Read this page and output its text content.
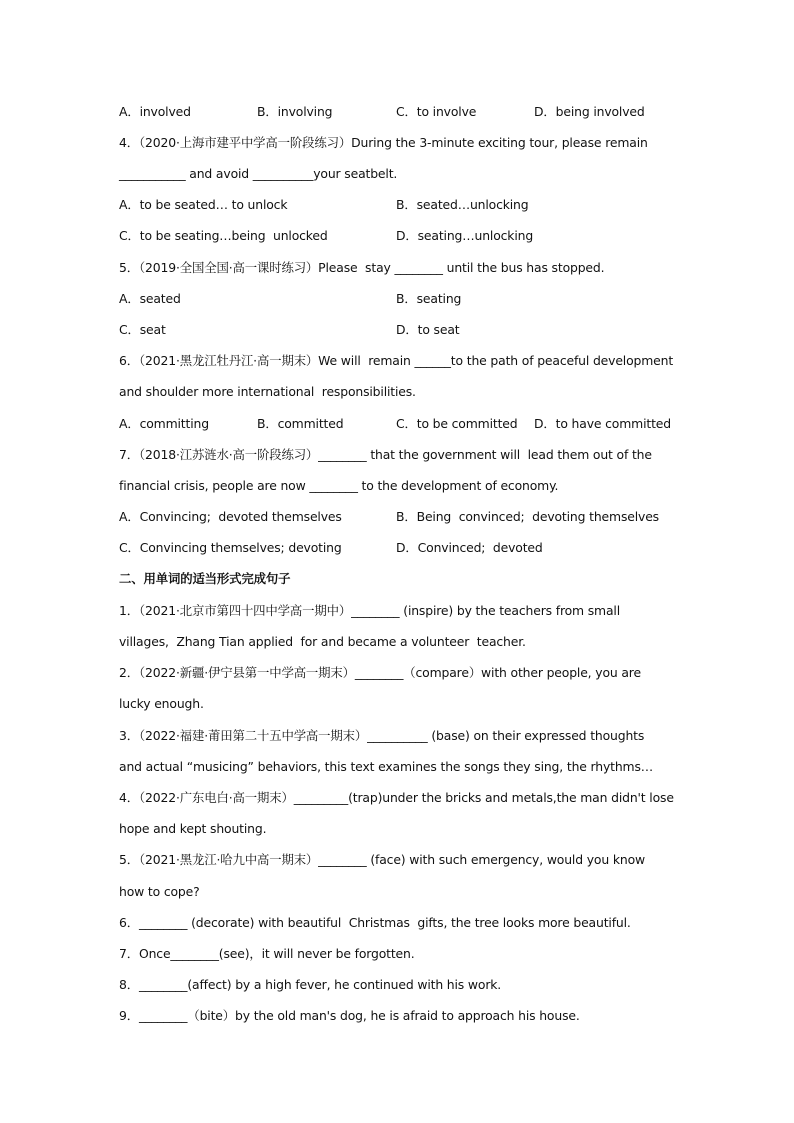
A．involved	B．involving	C．to involve	D．being involved
4．（2020·上海市建平中学高一阶段练习）During the 3-minute exciting tour, please remain
___________ and avoid __________your seatbelt.
A．to be seated… to unlock	B．seated…unlocking
C．to be seating…being  unlocked	D．seating…unlocking
5．（2019·全国全国·高一课时练习）Please  stay ________ until the bus has stopped.
A．seated	B．seating
C．seat	D．to seat
6．（2021·黑龙江牡丹江·高一期末）We will  remain ______to the path of peaceful development
and shoulder more international  responsibilities.
A．committing	B．committed	C．to be committed D．to have committed
7．（2018·江苏涟水·高一阶段练习）________ that the government will  lead them out of the
financial crisis, people are now ________ to the development of economy.
A．Convincing;  devoted themselves	B．Being  convinced;  devoting themselves
C．Convincing themselves; devoting	D．Convinced;  devoted
二、用单词的适当形式完成句子
1．（2021·北京市第四十四中学高一期中）________ (inspire) by the teachers from small
villages,  Zhang Tian applied  for and became a volunteer  teacher.
2．（2022·新疆·伊宁县第一中学高一期末）________（compare）with other people, you are
lucky enough.
3．（2022·福建·莆田第二十五中学高一期末）__________ (base) on their expressed thoughts
and actual “musicing” behaviors, this text examines the songs they sing, the rhythms…
4．（2022·广东电白·高一期末）_________(trap)under the bricks and metals,the man didn't lose
hope and kept shouting.
5．（2021·黑龙江·哈九中高一期末）________ (face) with such emergency, would you know
how to cope?
6．________ (decorate) with beautiful  Christmas  gifts, the tree looks more beautiful.
7．Once________(see)，it will never be forgotten.
8．________(affect) by a high fever, he continued with his work.
9．________（bite）by the old man's dog, he is afraid to approach his house.
